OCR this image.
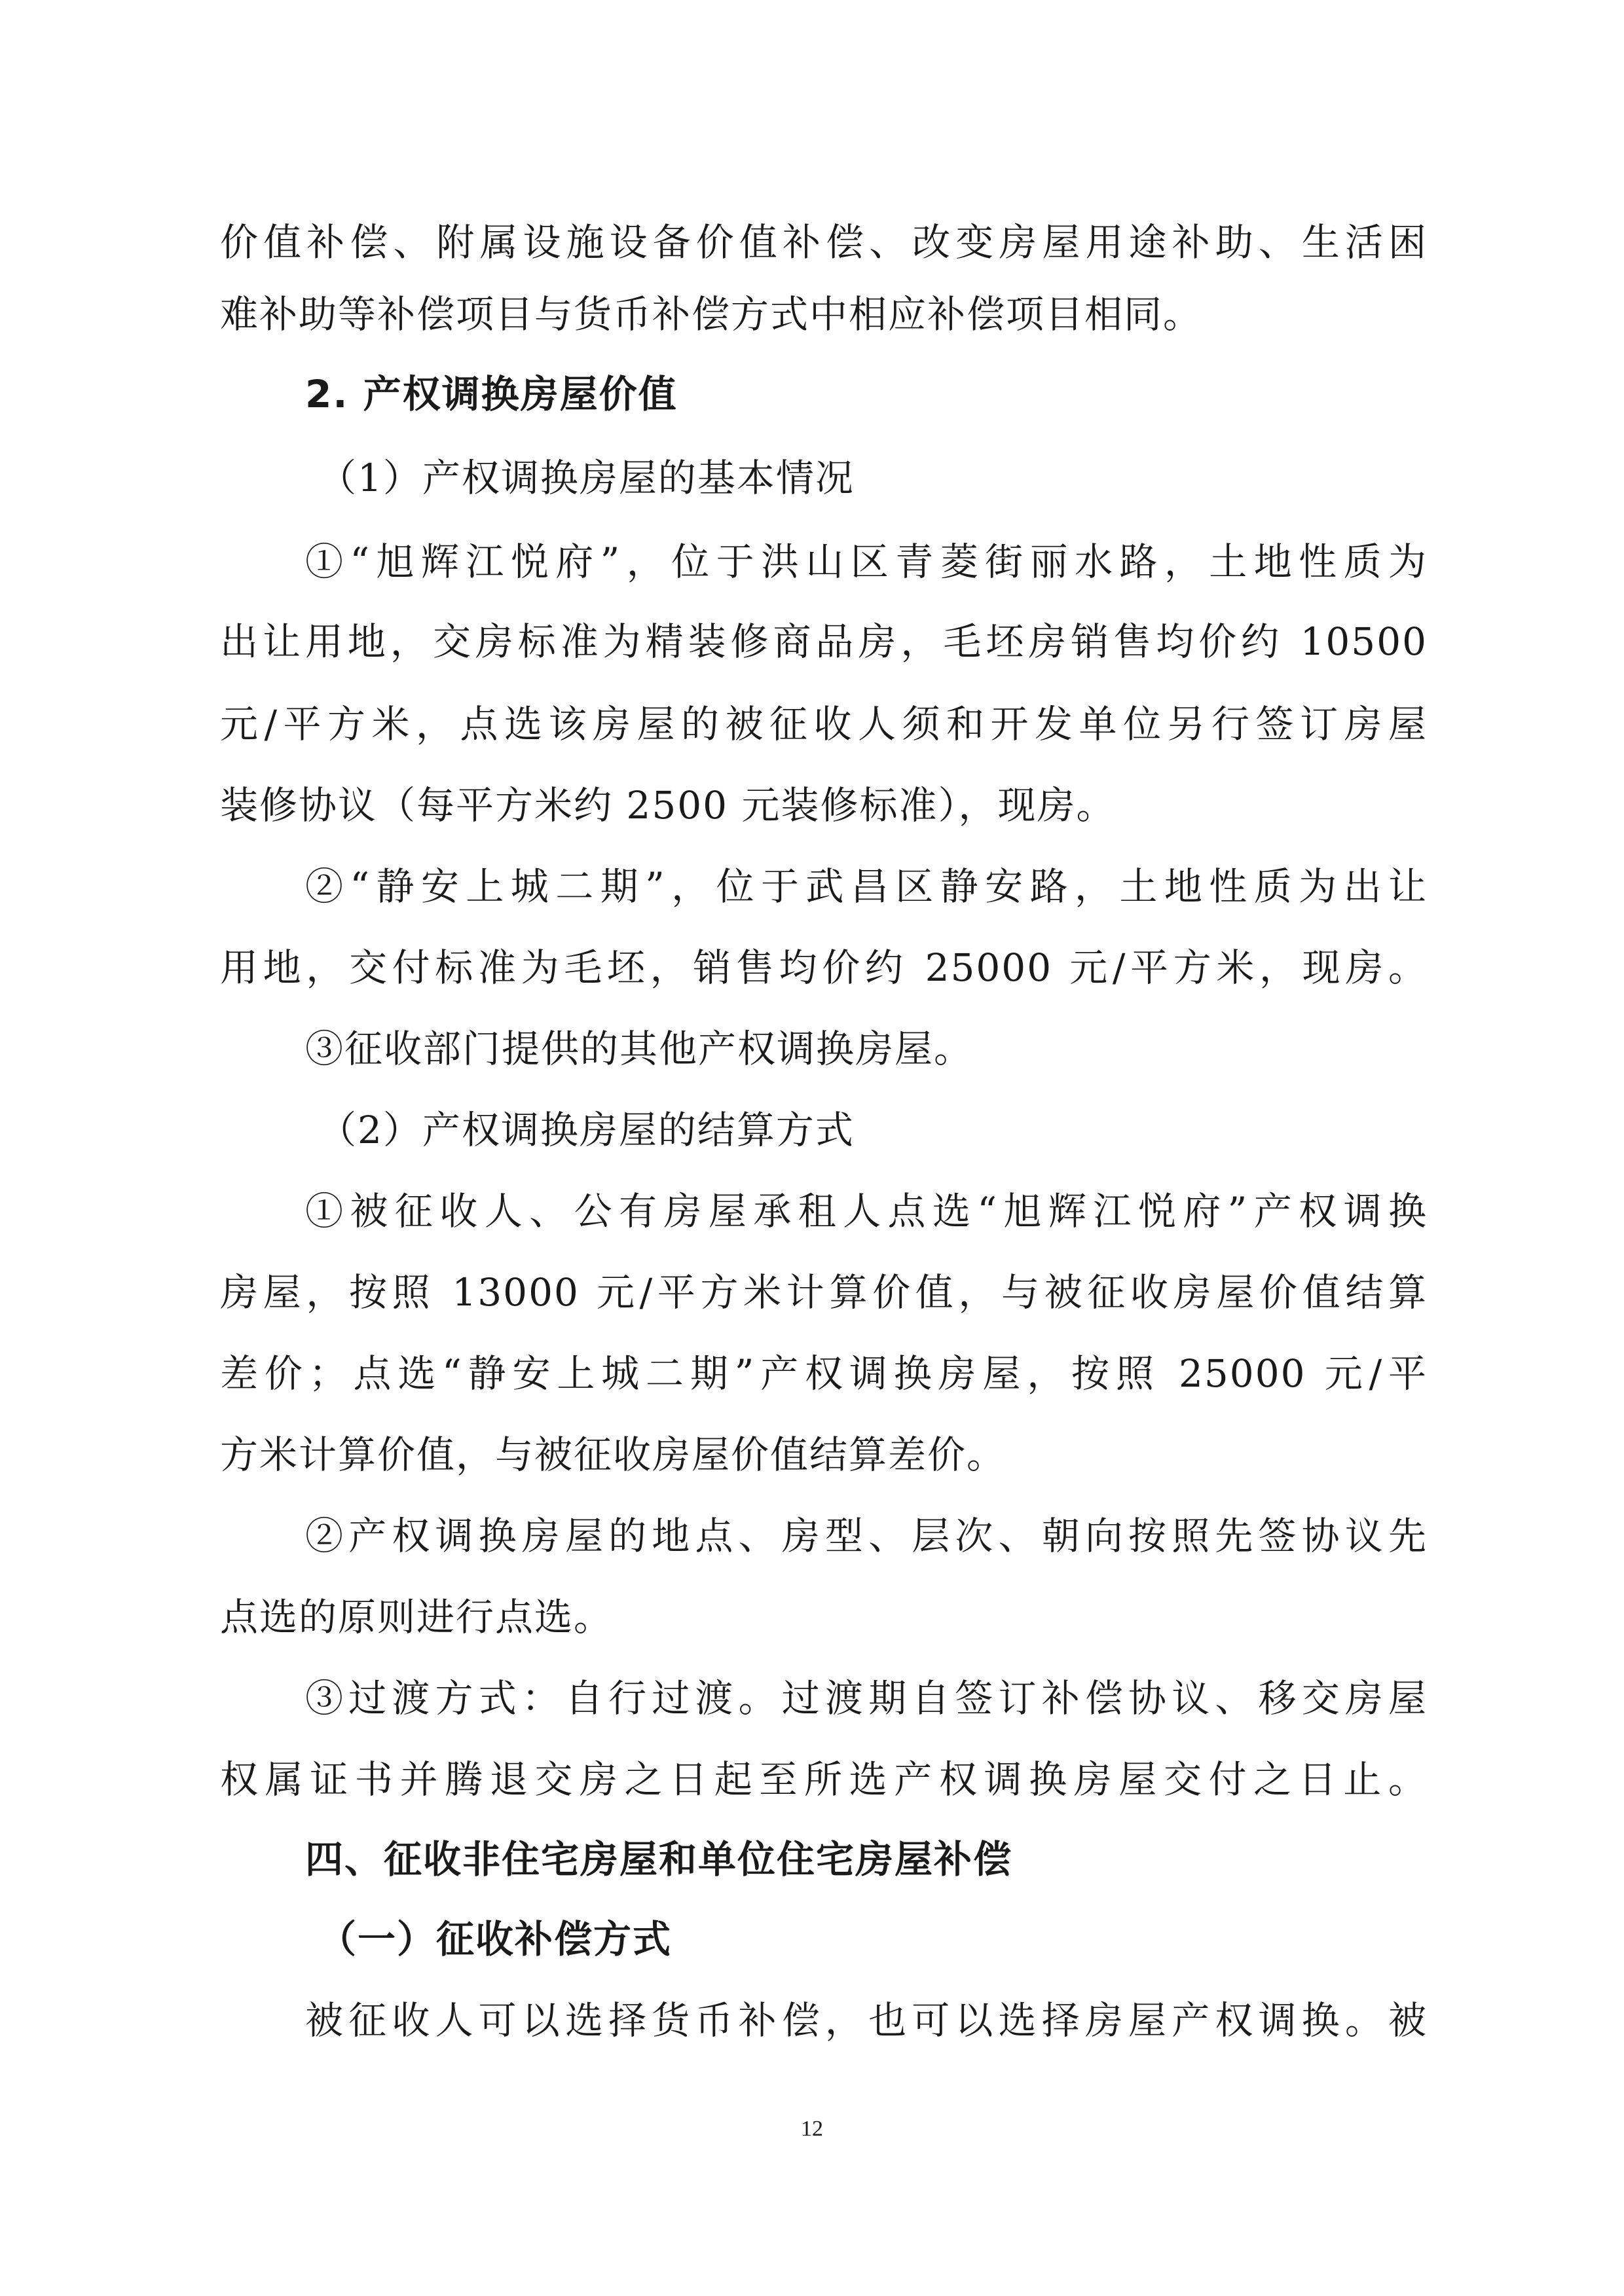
价值补偿、附属设施设备价值补偿、改变房屋用途补助、生活困
难补助等补偿项目与货币补偿方式中相应补偿项目相同。
2. 产权调换房屋价值
（1）产权调换房屋的基本情况
①“旭辉江悦府”，位于洪山区青菱街丽水路，土地性质为
出让用地，交房标准为精装修商品房，毛坯房销售均价约 10500
元/平方米，点选该房屋的被征收人须和开发单位另行签订房屋
装修协议（每平方米约 2500 元装修标准），现房。
②“静安上城二期”，位于武昌区静安路，土地性质为出让
用地，交付标准为毛坯，销售均价约 25000 元/平方米，现房。
③征收部门提供的其他产权调换房屋。
（2）产权调换房屋的结算方式
①被征收人、公有房屋承租人点选“旭辉江悦府”产权调换
房屋，按照 13000 元/平方米计算价值，与被征收房屋价值结算
差价；点选“静安上城二期”产权调换房屋，按照 25000 元/平
方米计算价值，与被征收房屋价值结算差价。
②产权调换房屋的地点、房型、层次、朝向按照先签协议先
点选的原则进行点选。
③过渡方式：自行过渡。过渡期自签订补偿协议、移交房屋
权属证书并腾退交房之日起至所选产权调换房屋交付之日止。
四、征收非住宅房屋和单位住宅房屋补偿
（一）征收补偿方式
被征收人可以选择货币补偿，也可以选择房屋产权调换。被
12
